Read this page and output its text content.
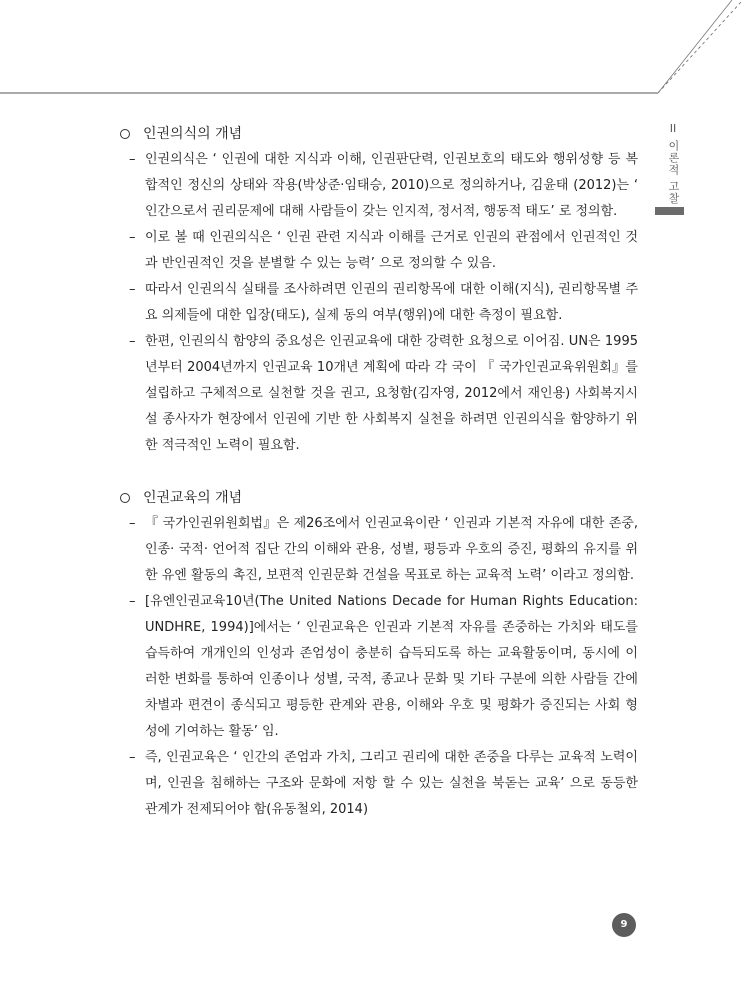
II
이론적 고찰
인권의식의 개념
– 인권의식은 ‘ 인권에 대한 지식과 이해, 인권판단력, 인권보호의 태도와 행위성향 등 복합적인 정신의 상태와 작용(박상준·임태승, 2010)으로 정의하거나, 김윤태 (2012)는 ‘ 인간으로서 권리문제에 대해 사람들이 갖는 인지적, 정서적, 행동적 태도’ 로 정의함.
– 이로 볼 때 인권의식은 ‘ 인권 관련 지식과 이해를 근거로 인권의 관점에서 인권적인 것과 반인권적인 것을 분별할 수 있는 능력’ 으로 정의할 수 있음.
– 따라서 인권의식 실태를 조사하려면 인권의 권리항목에 대한 이해(지식), 권리항목별 주요 의제들에 대한 입장(태도), 실제 동의 여부(행위)에 대한 측정이 필요함.
– 한편, 인권의식 함양의 중요성은 인권교육에 대한 강력한 요청으로 이어짐. UN은 1995년부터 2004년까지 인권교육 10개년 계획에 따라 각 국이 『 국가인권교육위원회』를 설립하고 구체적으로 실천할 것을 권고, 요청함(김자영, 2012에서 재인용) 사회복지시설 종사자가 현장에서 인권에 기반 한 사회복지 실천을 하려면 인권의식을 함양하기 위한 적극적인 노력이 필요함.
인권교육의 개념
– 『 국가인권위원회법』은 제26조에서 인권교육이란 ‘ 인권과 기본적 자유에 대한 존중, 인종· 국적· 언어적 집단 간의 이해와 관용, 성별, 평등과 우호의 증진, 평화의 유지를 위한 유엔 활동의 촉진, 보편적 인권문화 건설을 목표로 하는 교육적 노력’ 이라고 정의함.
– [유엔인권교육10년(The United Nations Decade for Human Rights Education: UNDHRE, 1994)]에서는 ‘ 인권교육은 인권과 기본적 자유를 존중하는 가치와 태도를 습득하여 개개인의 인성과 존엄성이 충분히 습득되도록 하는 교육활동이며, 동시에 이러한 변화를 통하여 인종이나 성별, 국적, 종교나 문화 및 기타 구분에 의한 사람들 간에 차별과 편견이 종식되고 평등한 관계와 관용, 이해와 우호 및 평화가 증진되는 사회 형성에 기여하는 활동’ 임.
– 즉, 인권교육은 ‘ 인간의 존엄과 가치, 그리고 권리에 대한 존중을 다루는 교육적 노력이며, 인권을 침해하는 구조와 문화에 저항 할 수 있는 실천을 북돋는 교육’ 으로 동등한 관계가 전제되어야 함(유동철외, 2014)
9
